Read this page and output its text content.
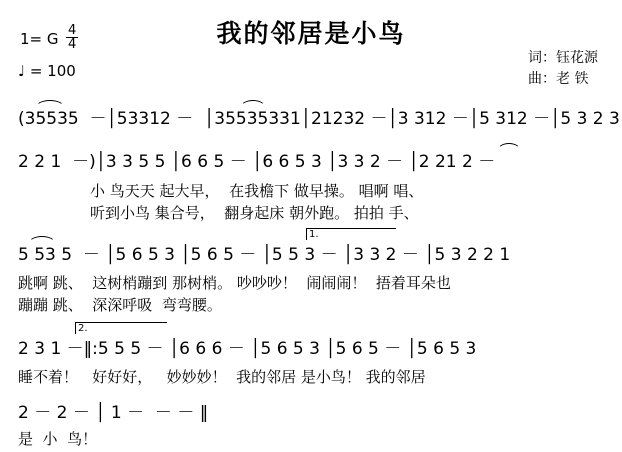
我的邻居是小鸟
1= G $\frac{4}{4}$
♩ = 100
词：钰花源
曲：老 铁
(35535  －│53312 －  │35535331│21232 －│3 312 －│5 312 －│5 3 2 3
2 2 1  －)│3 3 5 5 │6 6 5 － │6 6 5 3 │3 3 2 － │2 21 2 －
小 鸟天天 起大早，  在我檐下 做早操。 唱啊 唱、
听到小鸟 集合号，  翻身起床 朝外跑。 拍拍 手、
5 53 5  － │5 6 5 3 │5 6 5 － │5 5 3 － │3 3 2 － │5 3 2 2 1
1.
跳啊 跳、  这树梢蹦到 那树梢。 吵吵吵！  闹闹闹！  捂着耳朵也
蹦蹦 跳、  深深呼吸  弯弯腰。
2 3 1 －‖:5 5 5 － │6 6 6 － │5 6 5 3 │5 6 5 － │5 6 5 3
2.
睡不着！   好好好，   妙妙妙！  我的邻居 是小鸟！ 我的邻居
2 － 2 － │ 1 －  － － ‖
是  小  鸟！
